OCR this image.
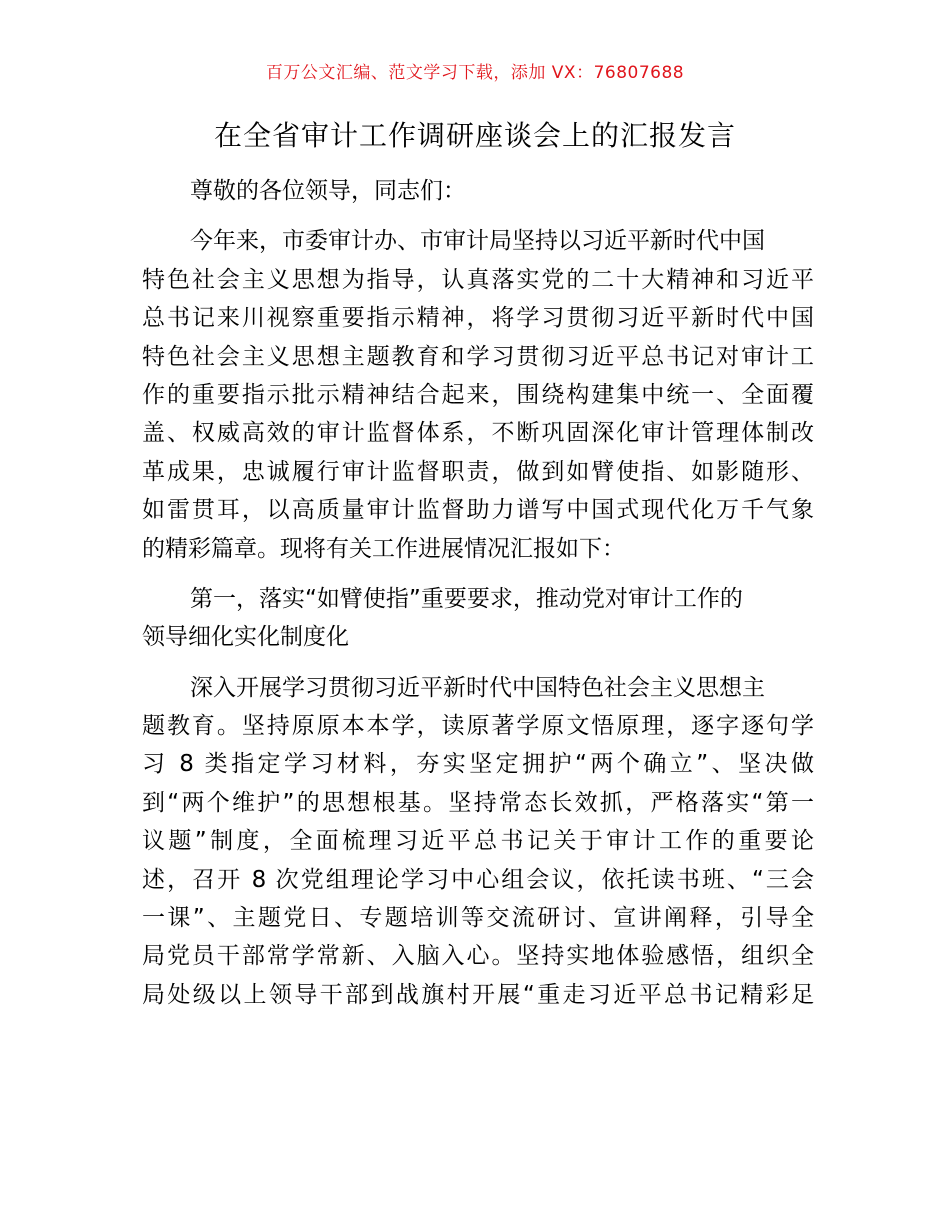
百万公文汇编、范文学习下载，添加 VX：76807688
在全省审计工作调研座谈会上的汇报发言
尊敬的各位领导，同志们：
今年来，市委审计办、市审计局坚持以习近平新时代中国
特色社会主义思想为指导，认真落实党的二十大精神和习近平
总书记来川视察重要指示精神，将学习贯彻习近平新时代中国
特色社会主义思想主题教育和学习贯彻习近平总书记对审计工
作的重要指示批示精神结合起来，围绕构建集中统一、全面覆
盖、权威高效的审计监督体系，不断巩固深化审计管理体制改
革成果，忠诚履行审计监督职责，做到如臂使指、如影随形、
如雷贯耳，以高质量审计监督助力谱写中国式现代化万千气象
的精彩篇章。现将有关工作进展情况汇报如下：
第一，落实“如臂使指”重要要求，推动党对审计工作的
领导细化实化制度化
深入开展学习贯彻习近平新时代中国特色社会主义思想主
题教育。坚持原原本本学，读原著学原文悟原理，逐字逐句学
习 8 类指定学习材料，夯实坚定拥护“两个确立”、坚决做
到“两个维护”的思想根基。坚持常态长效抓，严格落实“第一
议题”制度，全面梳理习近平总书记关于审计工作的重要论
述，召开 8 次党组理论学习中心组会议，依托读书班、“三会
一课”、主题党日、专题培训等交流研讨、宣讲阐释，引导全
局党员干部常学常新、入脑入心。坚持实地体验感悟，组织全
局处级以上领导干部到战旗村开展“重走习近平总书记精彩足
